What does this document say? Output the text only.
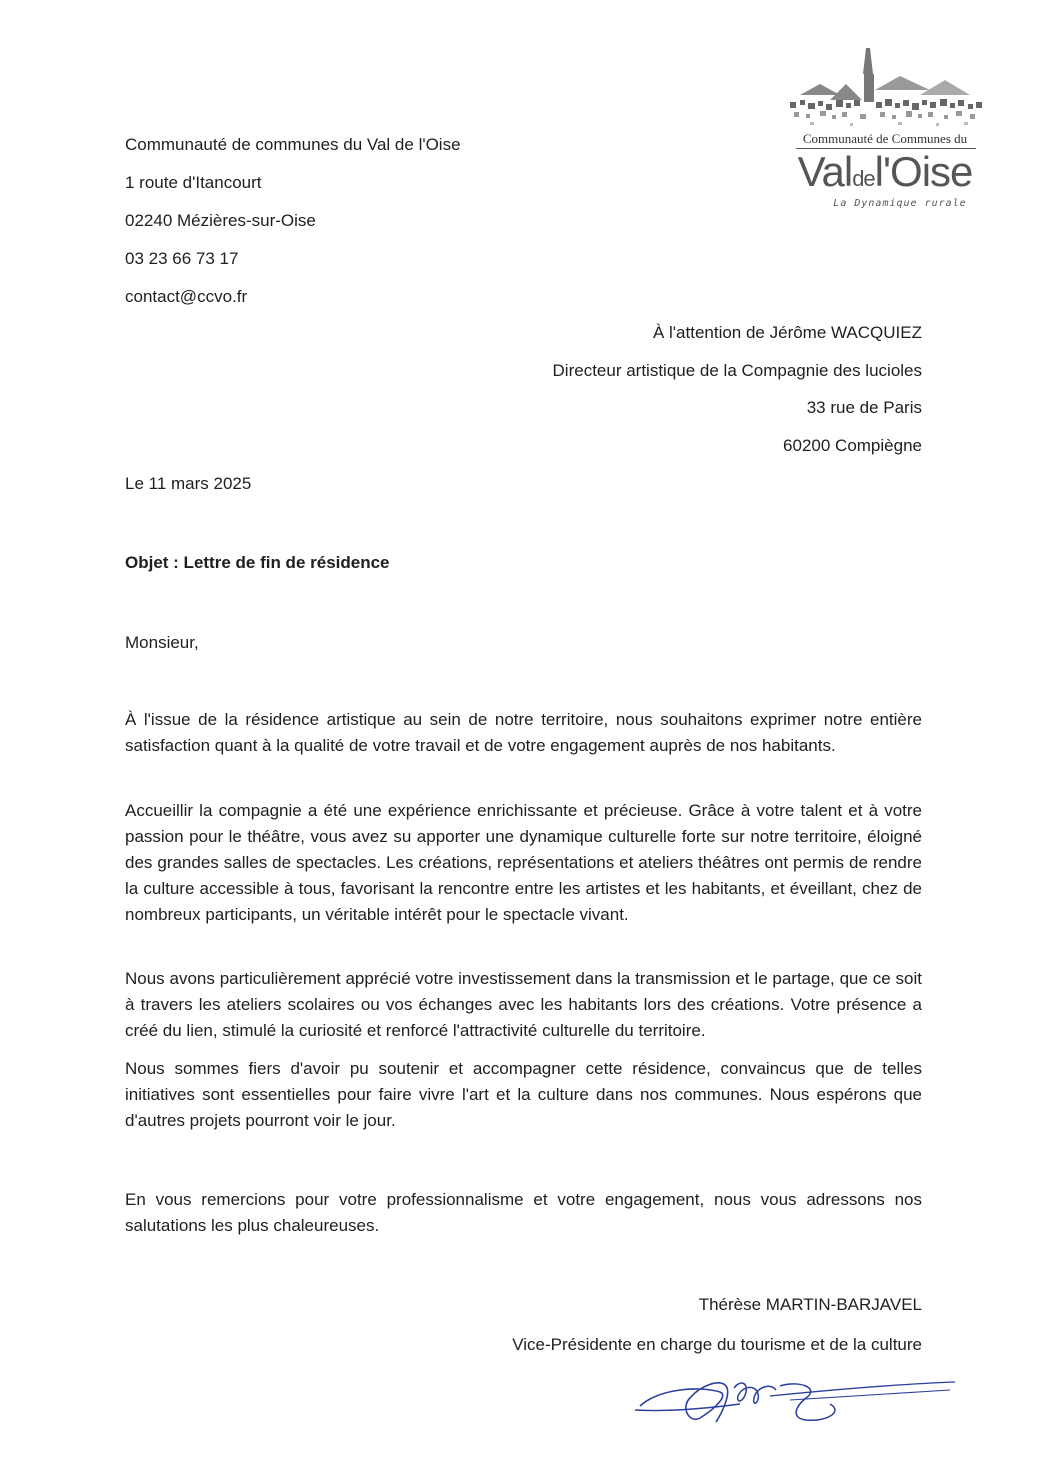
Communauté de Communes du
Valdel'Oise
La Dynamique rurale
Communauté de communes du Val de l'Oise
1 route d'Itancourt
02240 Mézières-sur-Oise
03 23 66 73 17
contact@ccvo.fr
À l'attention de Jérôme WACQUIEZ
Directeur artistique de la Compagnie des lucioles
33 rue de Paris
60200 Compiègne
Le 11 mars 2025
Objet : Lettre de fin de résidence
Monsieur,

À l'issue de la résidence artistique au sein de notre territoire, nous souhaitons exprimer notre entière satisfaction quant à la qualité de votre travail et de votre engagement auprès de nos habitants.

Accueillir la compagnie a été une expérience enrichissante et précieuse. Grâce à votre talent et à votre passion pour le théâtre, vous avez su apporter une dynamique culturelle forte sur notre territoire, éloigné des grandes salles de spectacles. Les créations, représentations et ateliers théâtres ont permis de rendre la culture accessible à tous, favorisant la rencontre entre les artistes et les habitants, et éveillant, chez de nombreux participants, un véritable intérêt pour le spectacle vivant.

Nous avons particulièrement apprécié votre investissement dans la transmission et le partage, que ce soit à travers les ateliers scolaires ou vos échanges avec les habitants lors des créations. Votre présence a créé du lien, stimulé la curiosité et renforcé l'attractivité culturelle du territoire.

Nous sommes fiers d'avoir pu soutenir et accompagner cette résidence, convaincus que de telles initiatives sont essentielles pour faire vivre l'art et la culture dans nos communes. Nous espérons que d'autres projets pourront voir le jour.

En vous remercions pour votre professionnalisme et votre engagement, nous vous adressons nos salutations les plus chaleureuses.

Thérèse MARTIN-BARJAVEL
Vice-Présidente en charge du tourisme et de la culture
